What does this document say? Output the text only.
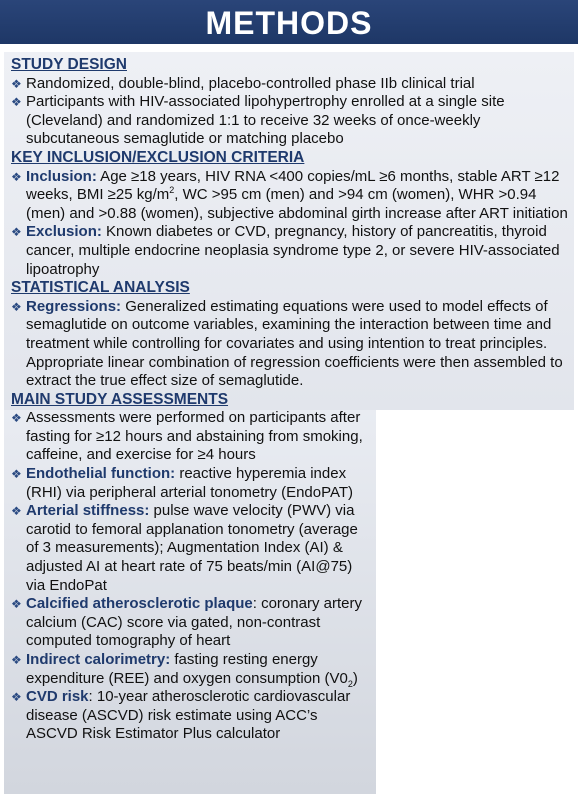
METHODS

STUDY DESIGN

❖ Randomized, double-blind, placebo-controlled phase IIb clinical trial

❖ Participants with HIV-associated lipohypertrophy enrolled at a single site (Cleveland) and randomized 1:1 to receive 32 weeks of once-weekly subcutaneous semaglutide or matching placebo

KEY INCLUSION/EXCLUSION CRITERIA

❖ Inclusion: Age ≥18 years, HIV RNA <400 copies/mL ≥6 months, stable ART ≥12 weeks, BMI ≥25 $kg/m^2$, WC >95 cm (men) and >94 cm (women), WHR >0.94 (men) and >0.88 (women), subjective abdominal girth increase after ART initiation

❖ Exclusion: Known diabetes or CVD, pregnancy, history of pancreatitis, thyroid cancer, multiple endocrine neoplasia syndrome type 2, or severe HIV-associated lipoatrophy

STATISTICAL ANALYSIS

❖ Regressions: Generalized estimating equations were used to model effects of semaglutide on outcome variables, examining the interaction between time and treatment while controlling for covariates and using intention to treat principles. Appropriate linear combination of regression coefficients were then assembled to extract the true effect size of semaglutide.

MAIN STUDY ASSESSMENTS

❖ Assessments were performed on participants after fasting for ≥12 hours and abstaining from smoking, caffeine, and exercise for ≥4 hours

❖ Endothelial function: reactive hyperemia index (RHI) via peripheral arterial tonometry (EndoPAT)

❖ Arterial stiffness: pulse wave velocity (PWV) via carotid to femoral applanation tonometry (average of 3 measurements); Augmentation Index (AI) & adjusted AI at heart rate of 75 beats/min (AI@75) via EndoPat

❖ Calcified atherosclerotic plaque: coronary artery calcium (CAC) score via gated, non-contrast computed tomography of heart

❖ Indirect calorimetry: fasting resting energy expenditure (REE) and oxygen consumption $(V0_2)$

❖ CVD risk: 10-year atherosclerotic cardiovascular disease (ASCVD) risk estimate using ACC’s ASCVD Risk Estimator Plus calculator
